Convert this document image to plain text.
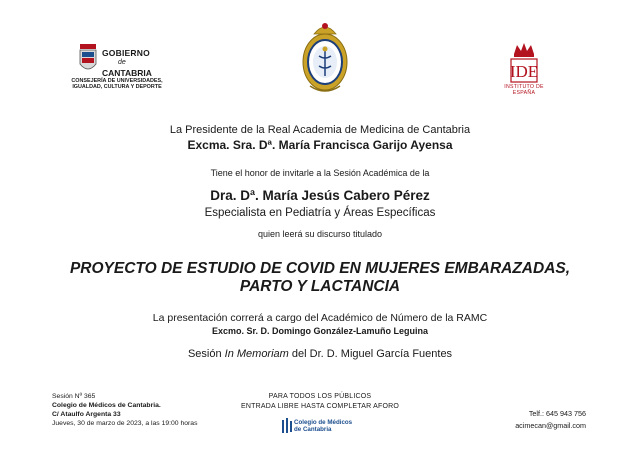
GOBIERNO
de
CANTABRIA
CONSEJERÍA DE UNIVERSIDADES, IGUALDAD, CULTURA Y DEPORTE
IDE
INSTITUTO DE ESPAÑA
La Presidente de la Real Academia de Medicina de Cantabria
Excma. Sra. Dª. María Francisca Garijo Ayensa
Tiene el honor de invitarle a la Sesión Académica de la
Dra. Dª. María Jesús Cabero Pérez
Especialista en Pediatría y Áreas Específicas
quien leerá su discurso titulado
PROYECTO DE ESTUDIO DE COVID EN MUJERES EMBARAZADAS,
PARTO Y LACTANCIA
La presentación correrá a cargo del Académico de Número de la RAMC
Excmo. Sr. D. Domingo González-Lamuño Leguina
Sesión In Memoriam del Dr. D. Miguel García Fuentes
Sesión Nº 365
Colegio de Médicos de Cantabria.
C/ Ataulfo Argenta 33
Jueves, 30 de marzo de 2023, a las 19:00 horas
PARA TODOS LOS PÚBLICOS
ENTRADA LIBRE HASTA COMPLETAR AFORO
Colegio de Médicos
de Cantabria
Telf.: 645 943 756
acimecan@gmail.com
